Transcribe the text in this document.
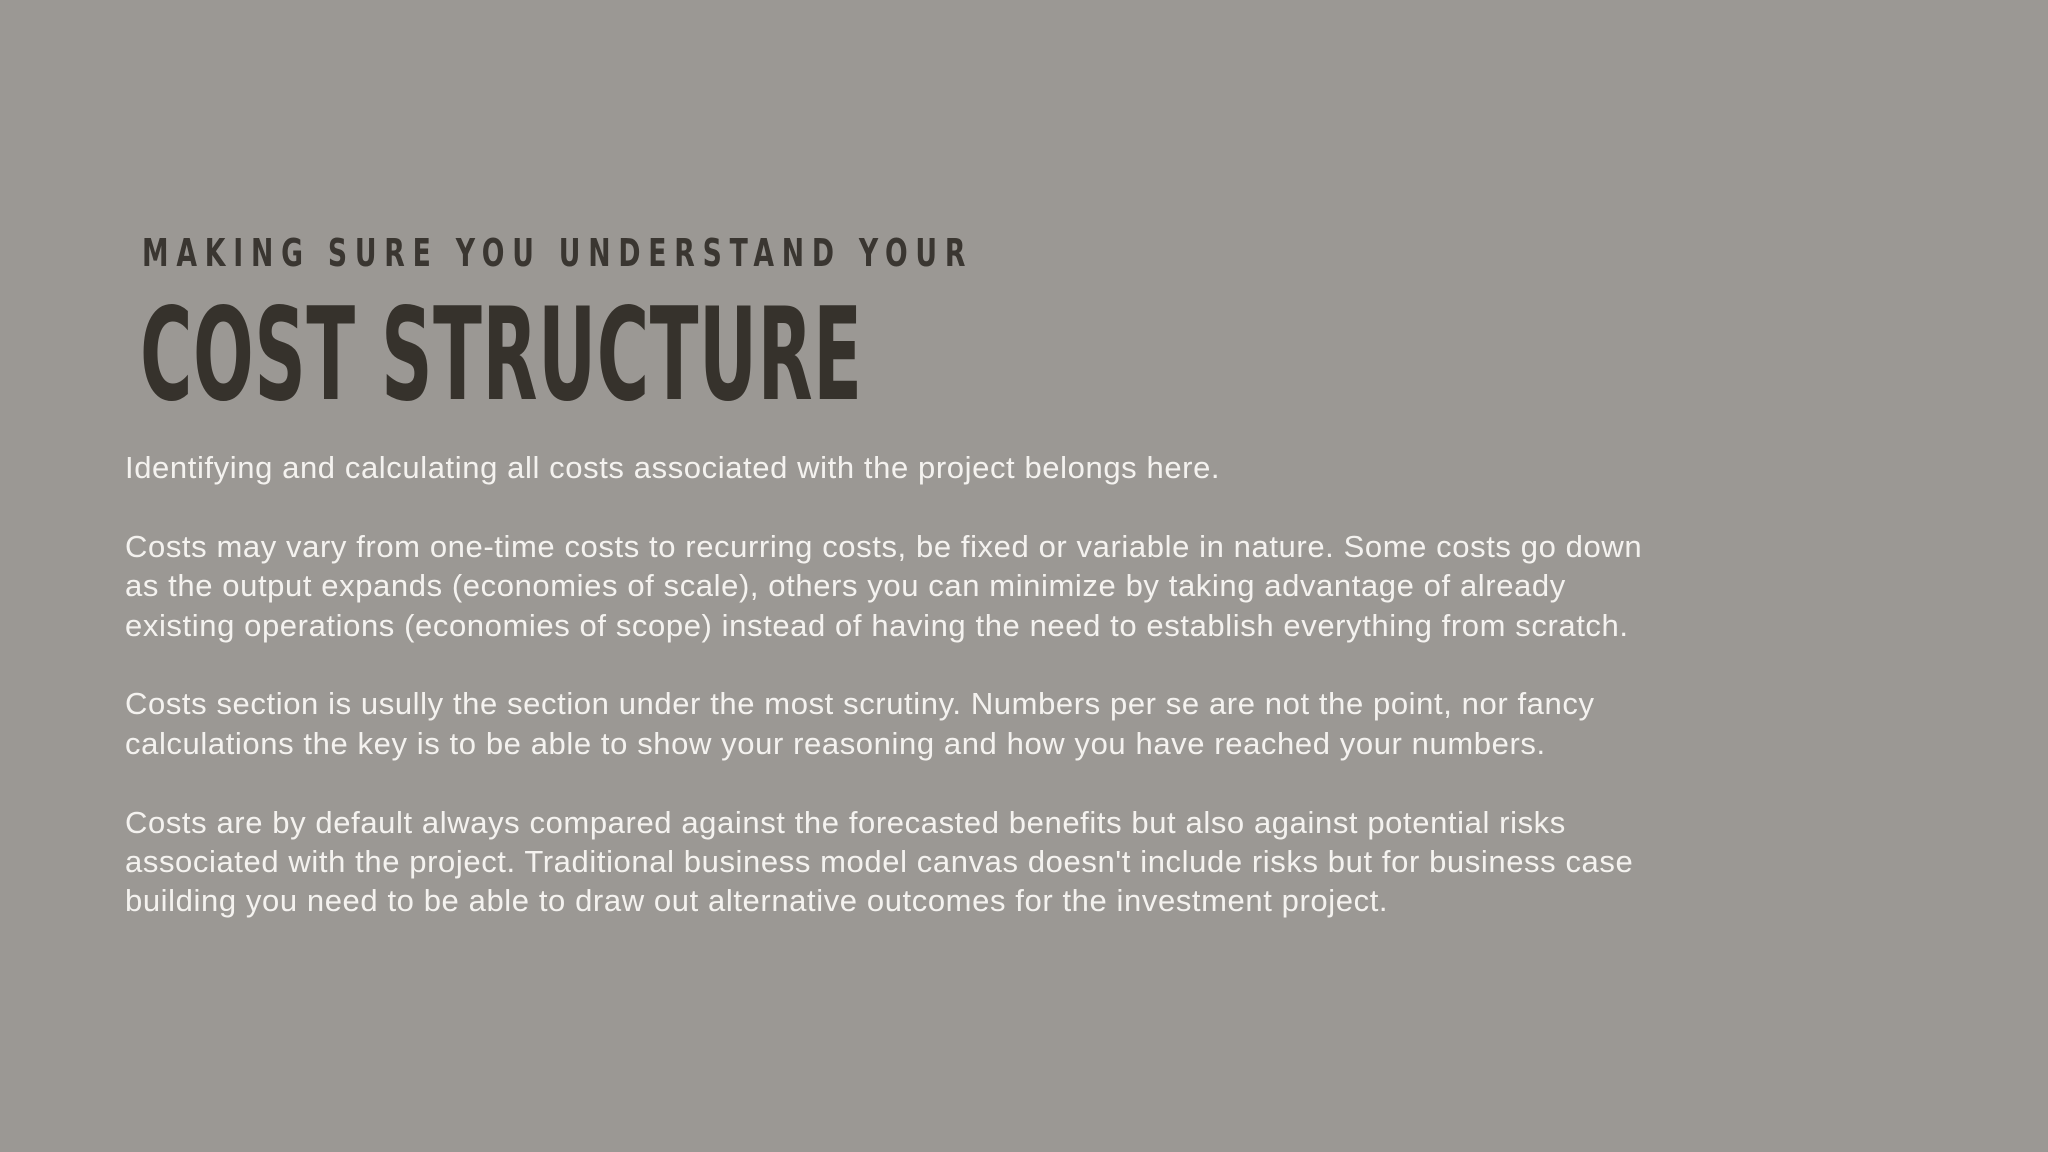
MAKING SURE YOU UNDERSTAND YOUR
COST STRUCTURE

Identifying and calculating all costs associated with the project belongs here.

Costs may vary from one-time costs to recurring costs, be fixed or variable in nature. Some costs go down as the output expands (economies of scale), others you can minimize by taking advantage of already existing operations (economies of scope) instead of having the need to establish everything from scratch.

Costs section is usully the section under the most scrutiny. Numbers per se are not the point, nor fancy calculations the key is to be able to show your reasoning and how you have reached your numbers.

Costs are by default always compared against the forecasted benefits but also against potential risks associated with the project. Traditional business model canvas doesn't include risks but for business case building you need to be able to draw out alternative outcomes for the investment project.
